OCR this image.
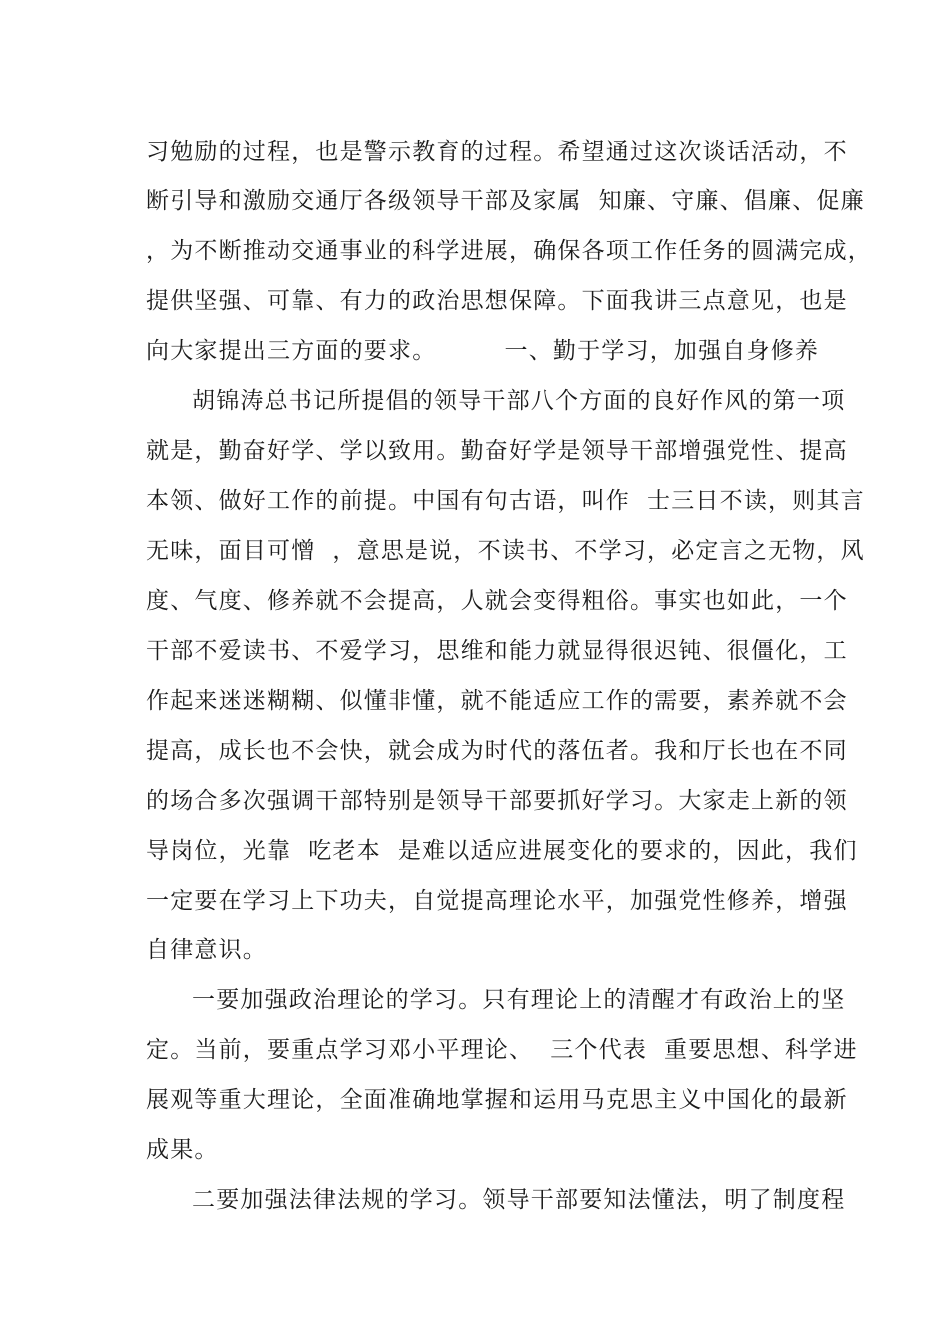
习勉励的过程，也是警示教育的过程。希望通过这次谈话活动，不
断引导和激励交通厅各级领导干部及家属  知廉、守廉、倡廉、促廉
，为不断推动交通事业的科学进展，确保各项工作任务的圆满完成，
提供坚强、可靠、有力的政治思想保障。下面我讲三点意见，也是
向大家提出三方面的要求。        一、勤于学习，加强自身修养
胡锦涛总书记所提倡的领导干部八个方面的良好作风的第一项
就是，勤奋好学、学以致用。勤奋好学是领导干部增强党性、提高
本领、做好工作的前提。中国有句古语，叫作  士三日不读，则其言
无味，面目可憎  ，意思是说，不读书、不学习，必定言之无物，风
度、气度、修养就不会提高，人就会变得粗俗。事实也如此，一个
干部不爱读书、不爱学习，思维和能力就显得很迟钝、很僵化，工
作起来迷迷糊糊、似懂非懂，就不能适应工作的需要，素养就不会
提高，成长也不会快，就会成为时代的落伍者。我和厅长也在不同
的场合多次强调干部特别是领导干部要抓好学习。大家走上新的领
导岗位，光靠  吃老本  是难以适应进展变化的要求的，因此，我们
一定要在学习上下功夫，自觉提高理论水平，加强党性修养，增强
自律意识。
一要加强政治理论的学习。只有理论上的清醒才有政治上的坚
定。当前，要重点学习邓小平理论、  三个代表  重要思想、科学进
展观等重大理论，全面准确地掌握和运用马克思主义中国化的最新
成果。
二要加强法律法规的学习。领导干部要知法懂法，明了制度程
